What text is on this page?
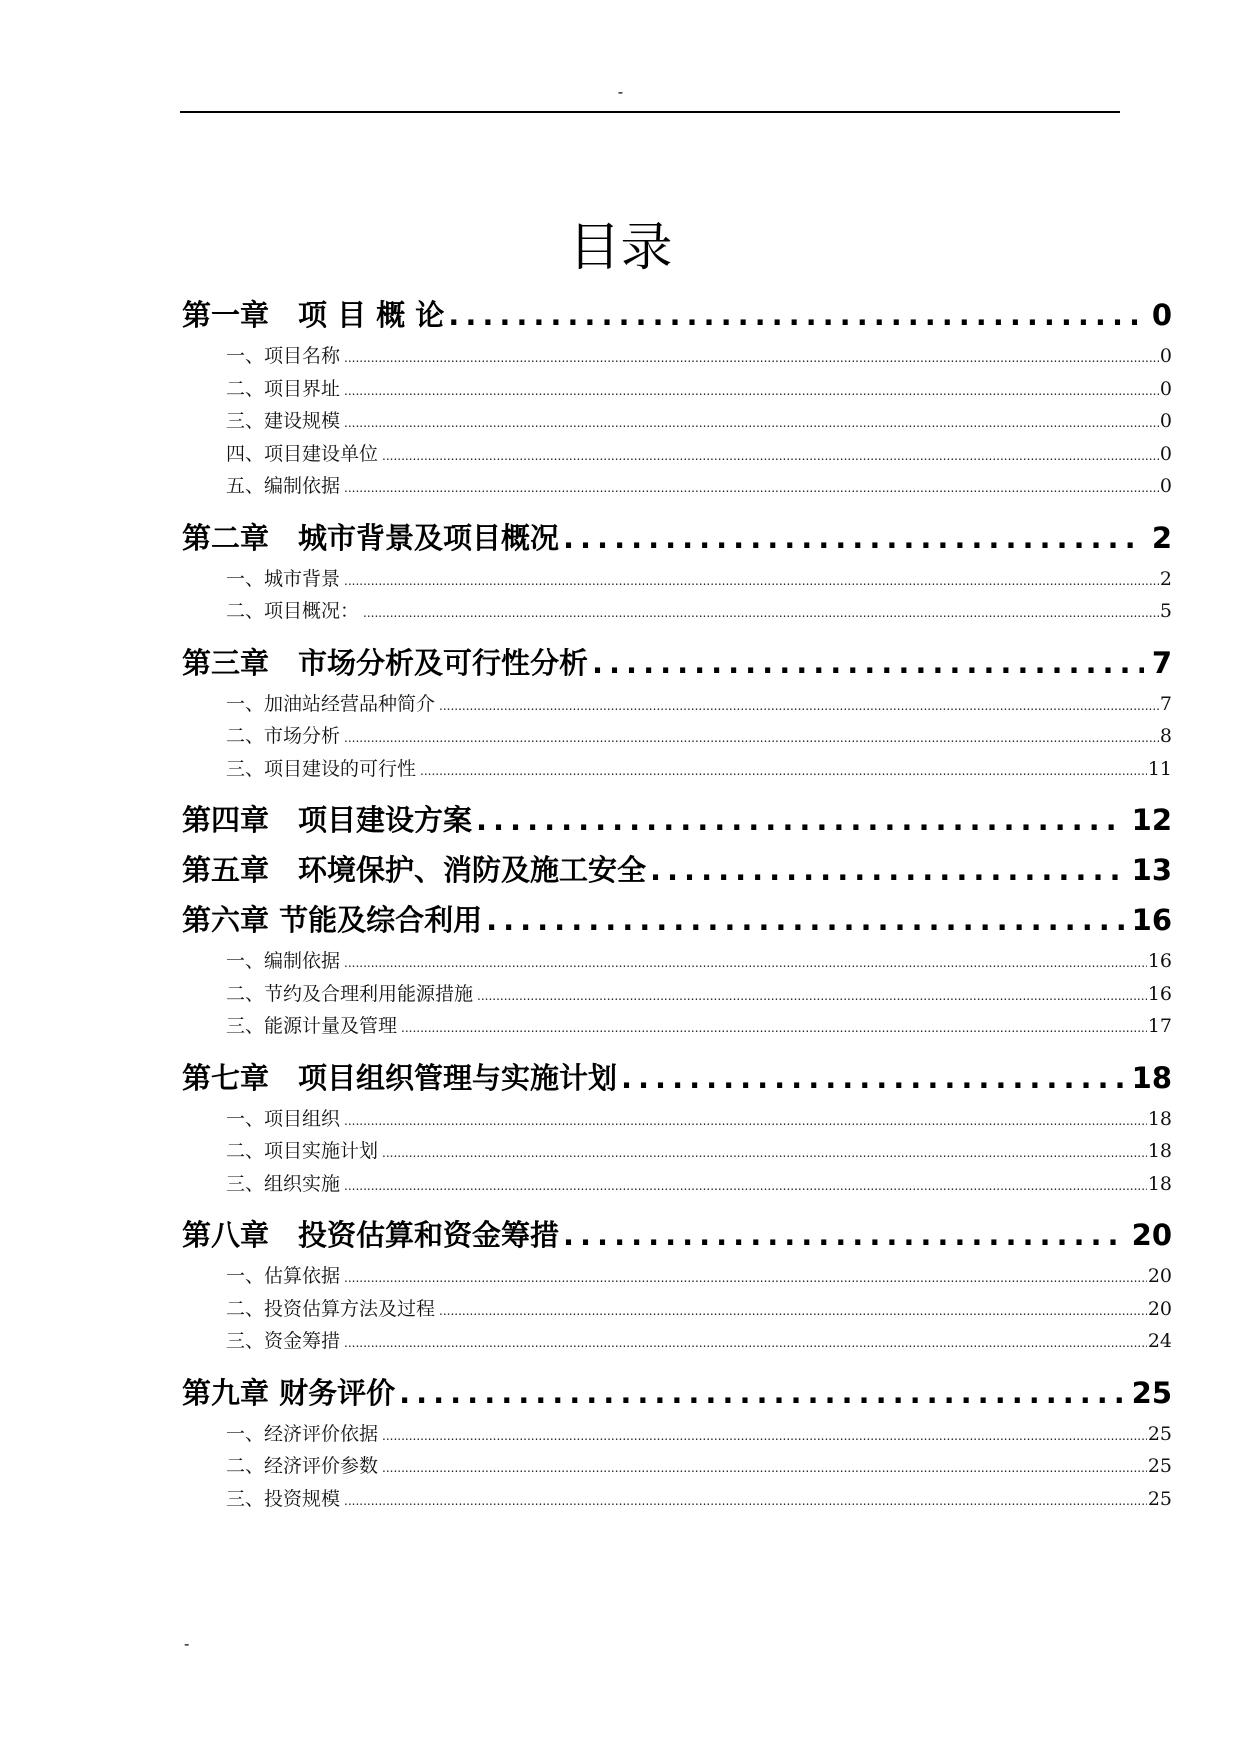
-
目录
第一章　项 目 概 论 .....	0
一、项目名称 .....	0
二、项目界址 .....	0
三、建设规模 .....	0
四、项目建设单位 .....	0
五、编制依据 .....	0
第二章　城市背景及项目概况 .....	2
一、城市背景 .....	2
二、项目概况： .....	5
第三章　市场分析及可行性分析 .....	7
一、加油站经营品种简介 .....	7
二、市场分析 .....	8
三、项目建设的可行性 .....	11
第四章　项目建设方案 .....	12
第五章　环境保护、消防及施工安全 .....	13
第六章 节能及综合利用 .....	16
一、编制依据 .....	16
二、节约及合理利用能源措施 .....	16
三、能源计量及管理 .....	17
第七章　项目组织管理与实施计划 .....	18
一、项目组织 .....	18
二、项目实施计划 .....	18
三、组织实施 .....	18
第八章　投资估算和资金筹措 .....	20
一、估算依据 .....	20
二、投资估算方法及过程 .....	20
三、资金筹措 .....	24
第九章 财务评价 .....	25
一、经济评价依据 .....	25
二、经济评价参数 .....	25
三、投资规模 .....	25
-
